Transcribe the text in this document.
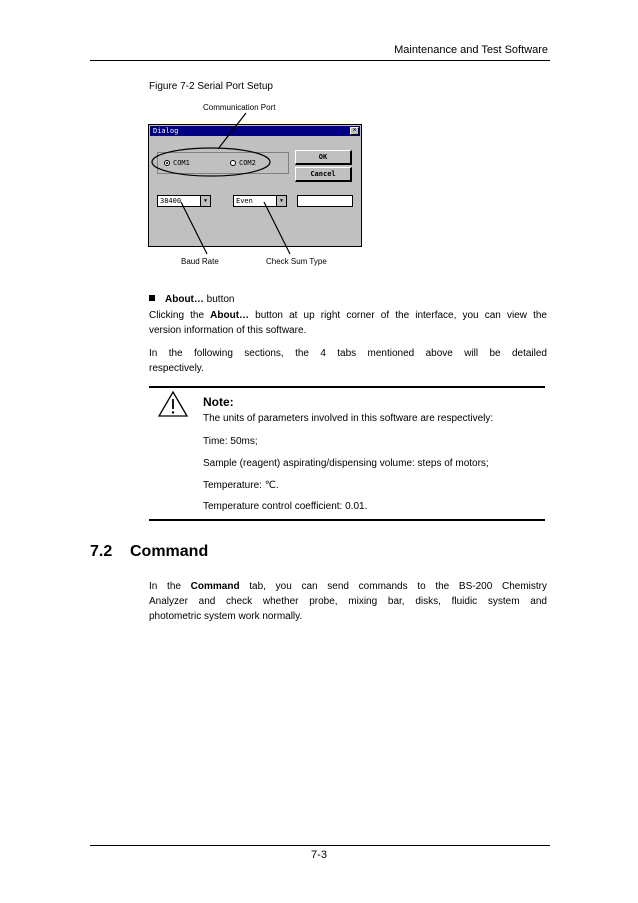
Maintenance and Test Software
Figure 7-2 Serial Port Setup
Communication Port
Baud Rate	Check Sum Type
Dialog	×
COM1	COM2
OK
Cancel
38400	▼	Even	▼
About… button
Clicking the About… button at up right corner of the interface, you can view the
version information of this software.
In the following sections, the 4 tabs mentioned above will be detailed
respectively.
Note:
The units of parameters involved in this software are respectively:
Time: 50ms;
Sample (reagent) aspirating/dispensing volume: steps of motors;
Temperature: ℃.
Temperature control coefficient: 0.01.
7.2 Command
In the Command tab, you can send commands to the BS-200 Chemistry
Analyzer and check whether probe, mixing bar, disks, fluidic system and
photometric system work normally.
7-3
